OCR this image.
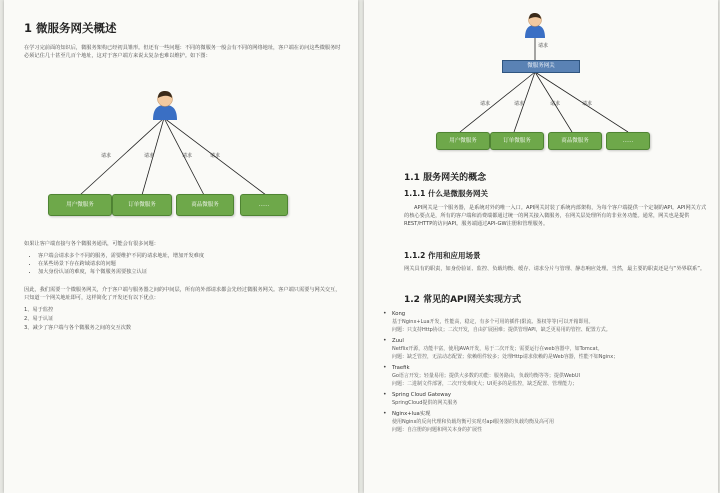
1 微服务网关概述

在学习完前面的知识后，微服务架构已经初具雏形。但还有一些问题：不同的微服务一般会有不同的网络地址，客户端在访问这些微服务时必须记住几十甚至几百个地址，这对于客户端方来说太复杂也难以维护。如下图：

请求	请求	请求	请求
用户微服务	订单微服务	商品微服务	……

如果让客户端直接与各个微服务通讯，可能会有很多问题：

• 客户端会请求多个不同的服务，需要维护不同的请求地址，增加开发难度
• 在某些场景下存在跨域请求的问题
• 加大身份认证的难度，每个微服务需要独立认证

因此，我们需要一个微服务网关，介于客户端与服务器之间的中间层，所有的外部请求都会先经过微服务网关。客户端只需要与网关交互，只知道一个网关地址即可，这样简化了开发还有以下优点：

1、易于监控
2、易于认证
3、减少了客户端与各个微服务之间的交互次数
请求
微服务网关
请求	请求	请求	请求
用户微服务	订单微服务	商品微服务	……
1.1 服务网关的概念
1.1.1 什么是微服务网关

API网关是一个服务器，是系统对外的唯一入口。API网关封装了系统内部架构，为每个客户端提供一个定制的API。API网关方式的核心要点是，所有的客户端和消费端都通过统一的网关接入微服务，在网关层处理所有的非业务功能。通常，网关也是提供REST/HTTP的访问API。服务端通过API-GW注册和管理服务。

1.1.2 作用和应用场景

网关具有的职责，如身份验证、监控、负载均衡、缓存、请求分片与管理、静态响应处理。当然，最主要的职责还是与“外界联系”。

1.2 常见的API网关实现方式
• Kong
基于Nginx+Lua开发，性能高，稳定，有多个可用的插件(限流、鉴权等等)可以开箱即用。
问题：只支持Http协议；二次开发，自由扩展困难；提供管理API，缺乏更易用的管控、配置方式。
• Zuul
Netflix开源，功能丰富，使用JAVA开发，易于二次开发；需要运行在web容器中，如Tomcat。
问题：缺乏管控，无法动态配置；依赖组件较多；处理Http请求依赖的是Web容器，性能不如Nginx；
• Traefik
Go语言开发；轻量易用；提供大多数的功能：服务路由，负载均衡等等；提供WebUI
问题：二进制文件部署，二次开发难度大；UI更多的是监控，缺乏配置、管理能力；
• Spring Cloud Gateway
SpringCloud提供的网关服务
• Nginx+lua实现
使用Nginx的反向代理和负载均衡可实现对api服务器的负载均衡及高可用
问题：自注册的问题和网关本身的扩展性
